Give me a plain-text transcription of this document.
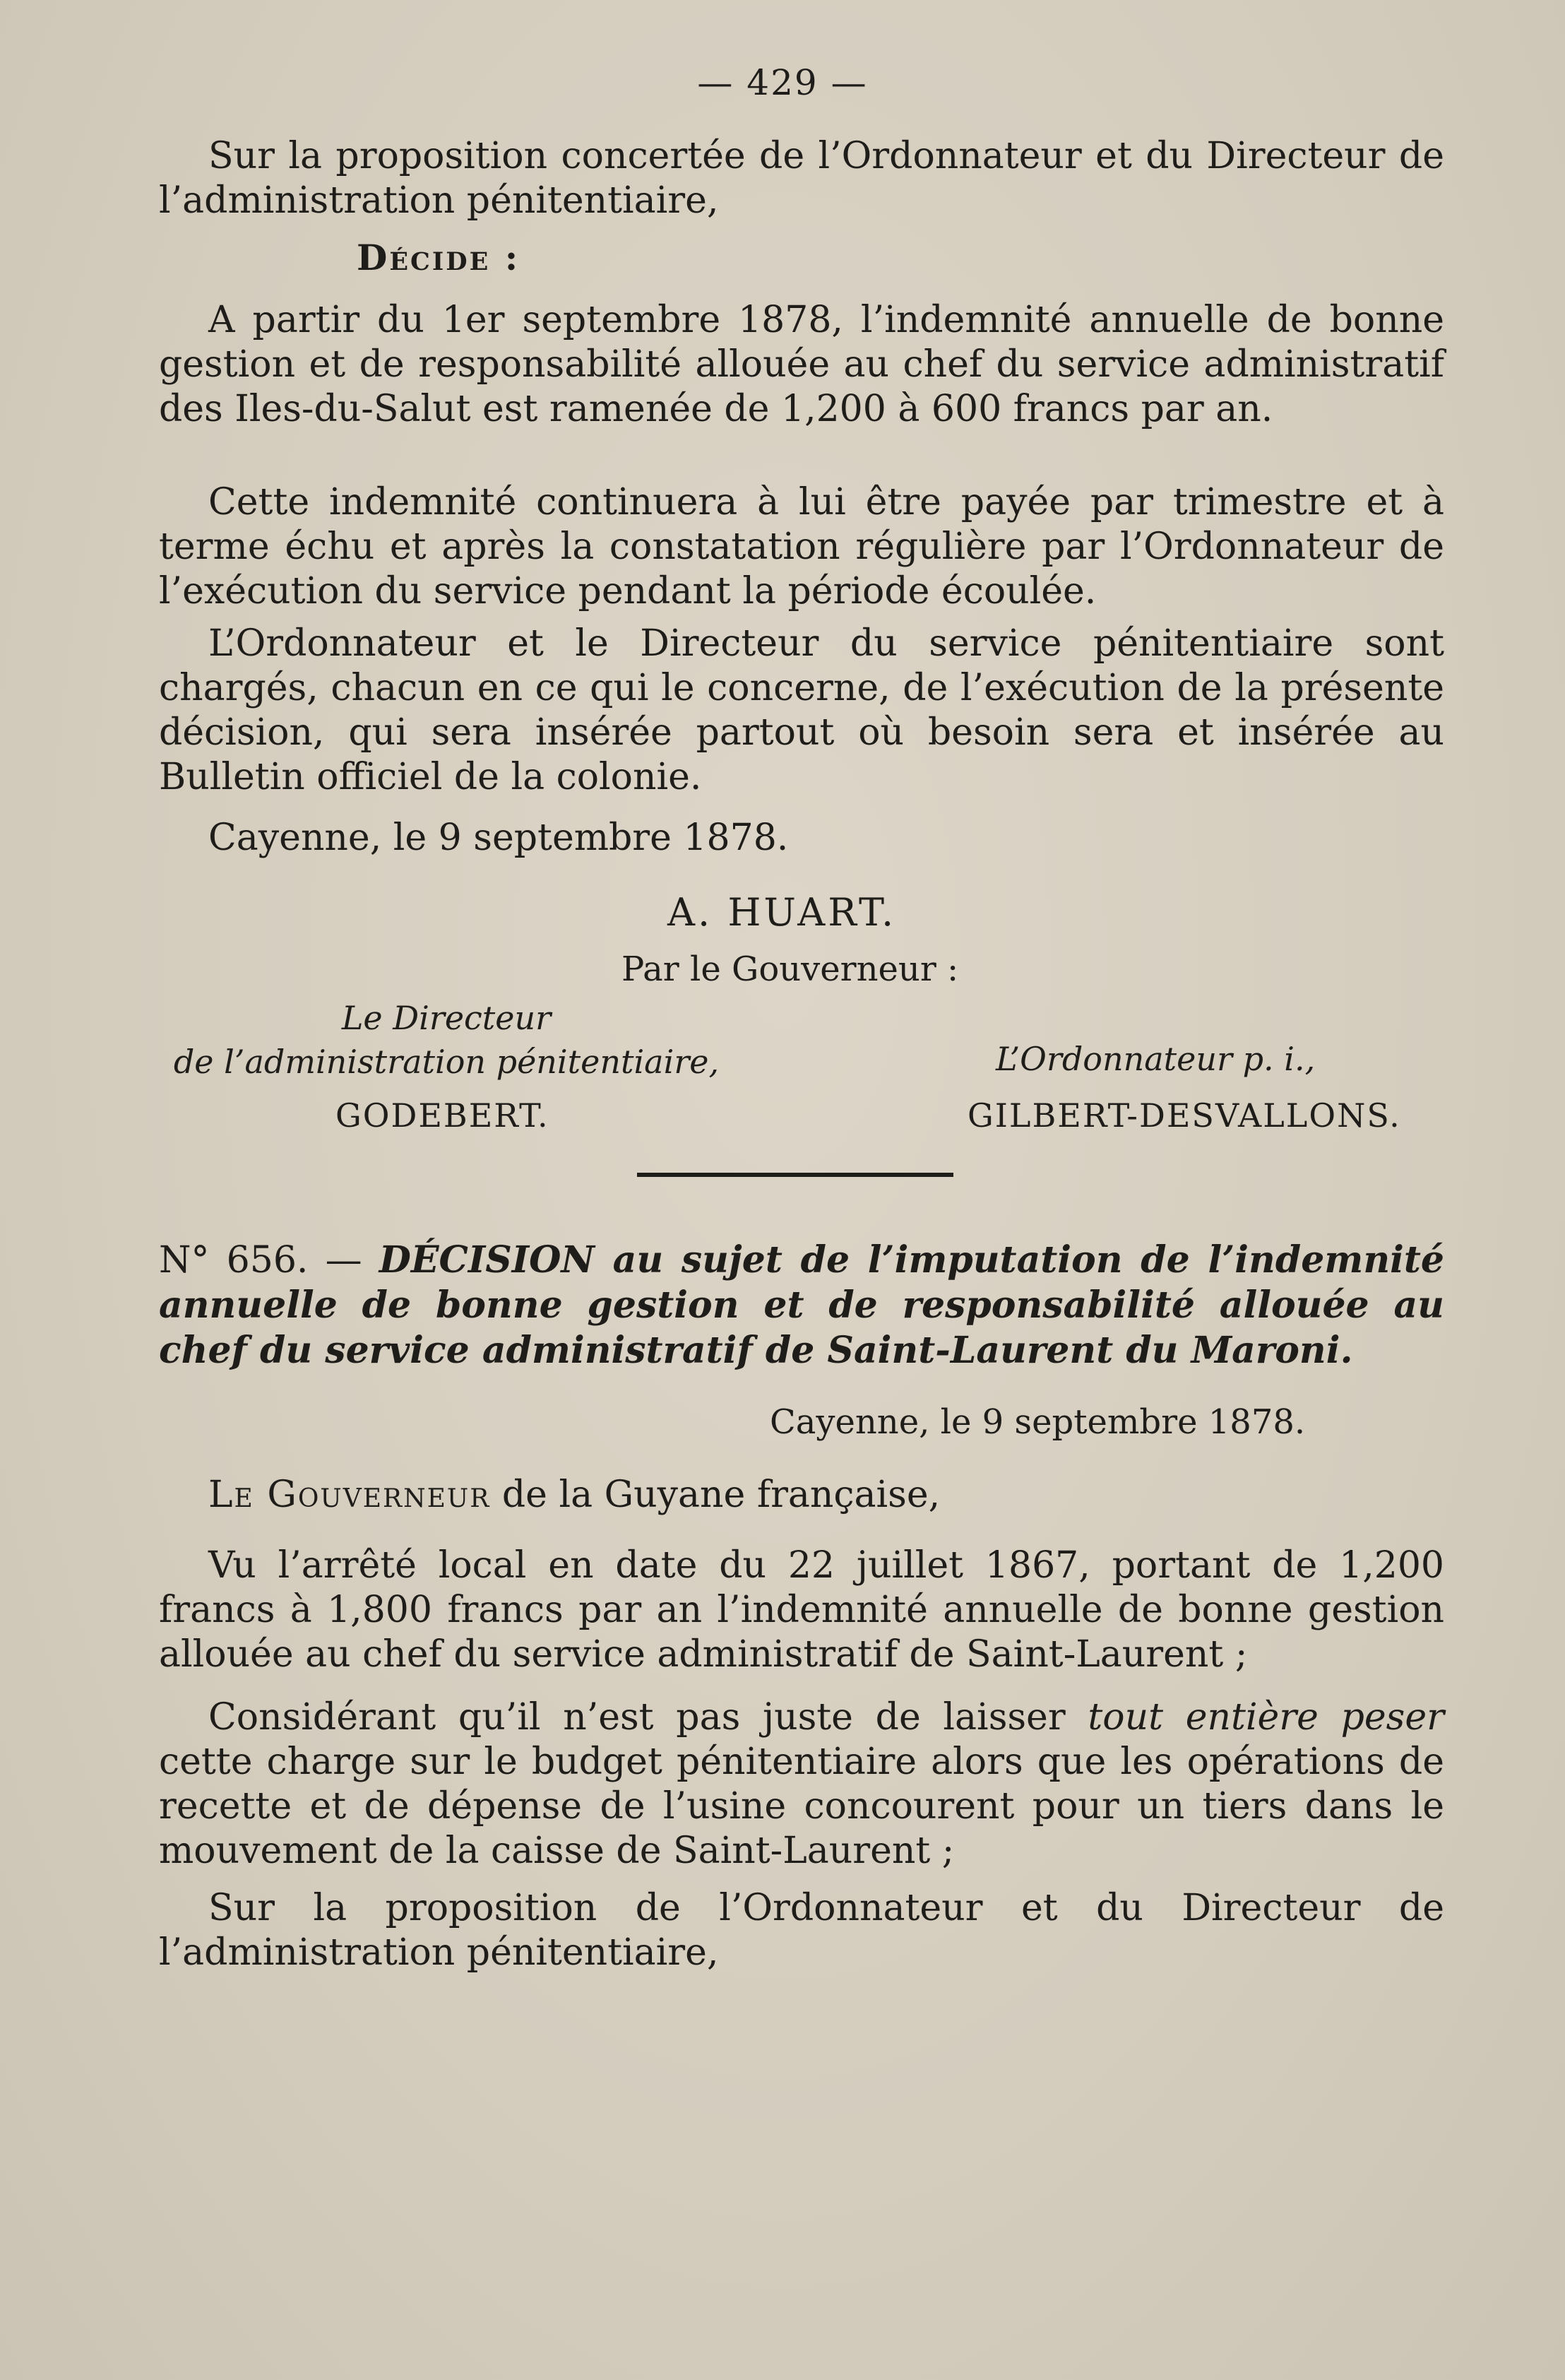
— 429 —

Sur la proposition concertée de l’Ordonnateur et du Directeur de l’administration pénitentiaire,

Décide :

A partir du 1er septembre 1878, l’indemnité annuelle de bonne gestion et de responsabilité allouée au chef du service administratif des Iles-du-Salut est ramenée de 1,200 à 600 francs par an.

Cette indemnité continuera à lui être payée par trimestre et à terme échu et après la constatation régulière par l’Ordonnateur de l’exécution du service pendant la période écoulée.

L’Ordonnateur et le Directeur du service pénitentiaire sont chargés, chacun en ce qui le concerne, de l’exécution de la présente décision, qui sera insérée partout où besoin sera et insérée au Bulletin officiel de la colonie.

Cayenne, le 9 septembre 1878.

A. HUART.
Par le Gouverneur :
Le Directeur
de l’administration pénitentiaire,	L’Ordonnateur p. i.,
GODEBERT.	GILBERT-DESVALLONS.
N° 656. — DÉCISION au sujet de l’imputation de l’indemnité annuelle de bonne gestion et de responsabilité allouée au chef du service administratif de Saint-Laurent du Maroni.
Cayenne, le 9 septembre 1878.

Le Gouverneur de la Guyane française,

Vu l’arrêté local en date du 22 juillet 1867, portant de 1,200 francs à 1,800 francs par an l’indemnité annuelle de bonne gestion allouée au chef du service administratif de Saint-Laurent ;

Considérant qu’il n’est pas juste de laisser tout entière peser cette charge sur le budget pénitentiaire alors que les opérations de recette et de dépense de l’usine concourent pour un tiers dans le mouvement de la caisse de Saint-Laurent ;

Sur la proposition de l’Ordonnateur et du Directeur de l’administration pénitentiaire,
